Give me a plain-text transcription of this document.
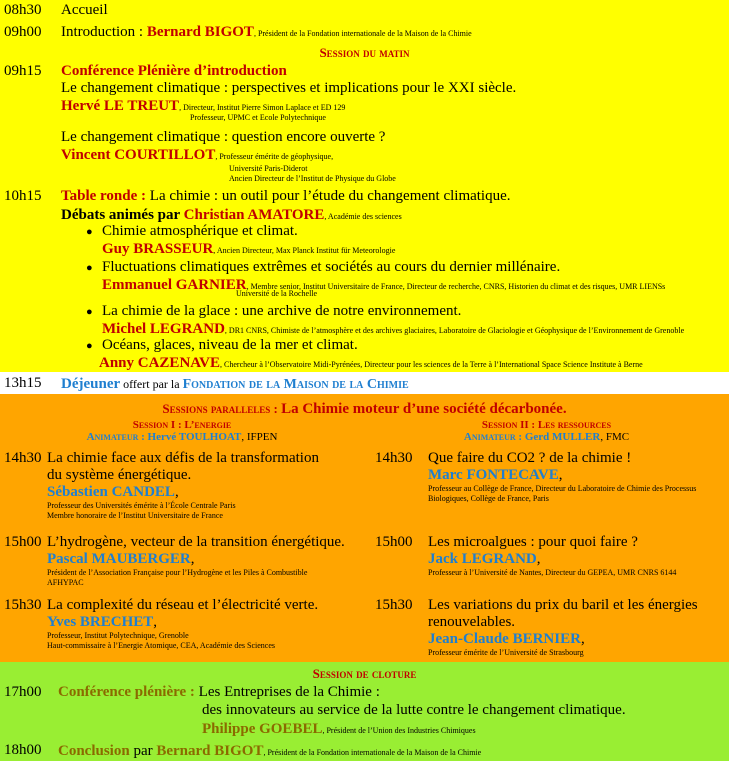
08h30 Accueil
09h00 Introduction : Bernard BIGOT, Président de la Fondation internationale de la Maison de la Chimie
Session du matin
09h15 Conférence Plénière d’introduction
Le changement climatique : perspectives et implications pour le XXI siècle.
Hervé LE TREUT, Directeur, Institut Pierre Simon Laplace et ED 129
Professeur, UPMC et Ecole Polytechnique
Le changement climatique : question encore ouverte ?
Vincent COURTILLOT, Professeur émérite de géophysique,
Université Paris-Diderot
Ancien Directeur de l’Institut de Physique du Globe
10h15 Table ronde : La chimie : un outil pour l’étude du changement climatique.
Débats animés par Christian AMATORE, Académie des sciences
● Chimie atmosphérique et climat.
Guy BRASSEUR, Ancien Directeur, Max Planck Institut für Meteorologie
● Fluctuations climatiques extrêmes et sociétés au cours du dernier millénaire.
Emmanuel GARNIER, Membre senior, Institut Universitaire de France, Directeur de recherche, CNRS, Historien du climat et des risques, UMR LIENSs
Université de la Rochelle
● La chimie de la glace : une archive de notre environnement.
Michel LEGRAND, DR1 CNRS, Chimiste de l’atmosphère et des archives glaciaires, Laboratoire de Glaciologie et Géophysique de l’Environnement de Grenoble
● Océans, glaces, niveau de la mer et climat.
Anny CAZENAVE, Chercheur à l’Observatoire Midi-Pyrénées, Directeur pour les sciences de la Terre à l’International Space Science Institute à Berne
13h15 Déjeuner offert par la Fondation de la Maison de la Chimie
Sessions paralleles : La Chimie moteur d’une société décarbonée.
Session I : L’energie
Animateur : Hervé TOULHOAT, IFPEN
Session II : Les ressources
Animateur : Gerd MULLER, FMC
14h30 La chimie face aux défis de la transformation
du système énergétique.
Sébastien CANDEL,
Professeur des Universités émérite à l’École Centrale Paris
Membre honoraire de l’Institut Universitaire de France
15h00 L’hydrogène, vecteur de la transition énergétique.
Pascal MAUBERGER,
Président de l’Association Française pour l’Hydrogène et les Piles à Combustible
AFHYPAC
15h30 La complexité du réseau et l’électricité verte.
Yves BRECHET,
Professeur, Institut Polytechnique, Grenoble
Haut-commissaire à l’Energie Atomique, CEA, Académie des Sciences
14h30 Que faire du CO2 ? de la chimie !
Marc FONTECAVE,
Professeur au Collège de France, Directeur du Laboratoire de Chimie des Processus
Biologiques, Collège de France, Paris
15h00 Les microalgues : pour quoi faire ?
Jack LEGRAND,
Professeur à l’Université de Nantes, Directeur du GEPEA, UMR CNRS 6144
15h30 Les variations du prix du baril et les énergies
renouvelables.
Jean-Claude BERNIER,
Professeur émérite de l’Université de Strasbourg
Session de cloture
17h00 Conférence plénière : Les Entreprises de la Chimie :
des innovateurs au service de la lutte contre le changement climatique.
Philippe GOEBEL, Président de l’Union des Industries Chimiques
18h00 Conclusion par Bernard BIGOT, Président de la Fondation internationale de la Maison de la Chimie
